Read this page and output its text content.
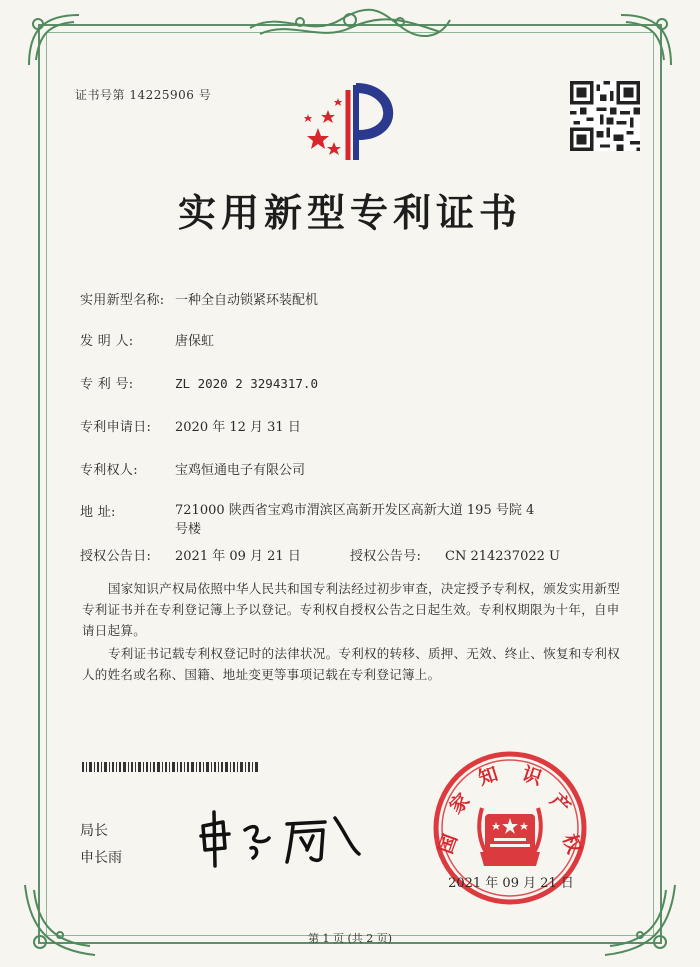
证书号第 14225906 号
实用新型专利证书
实用新型名称: 一种全自动锁紧环装配机
发 明 人:	唐保虹
专 利 号:	ZL 2020 2 3294317.0
专利申请日: 2020 年 12 月 31 日
专利权人:	宝鸡恒通电子有限公司
地 址:	721000 陕西省宝鸡市渭滨区高新开发区高新大道 195 号院 4 号楼
授权公告日: 2021 年 09 月 21 日	授权公告号: CN 214237022 U
国家知识产权局依照中华人民共和国专利法经过初步审查，决定授予专利权，颁发实用新型专利证书并在专利登记簿上予以登记。专利权自授权公告之日起生效。专利权期限为十年，自申请日起算。
专利证书记载专利权登记时的法律状况。专利权的转移、质押、无效、终止、恢复和专利权人的姓名或名称、国籍、地址变更等事项记载在专利登记簿上。
局长
申长雨
国
家
知 识
产
权
2021 年 09 月 21 日
第 1 页 (共 2 页)
